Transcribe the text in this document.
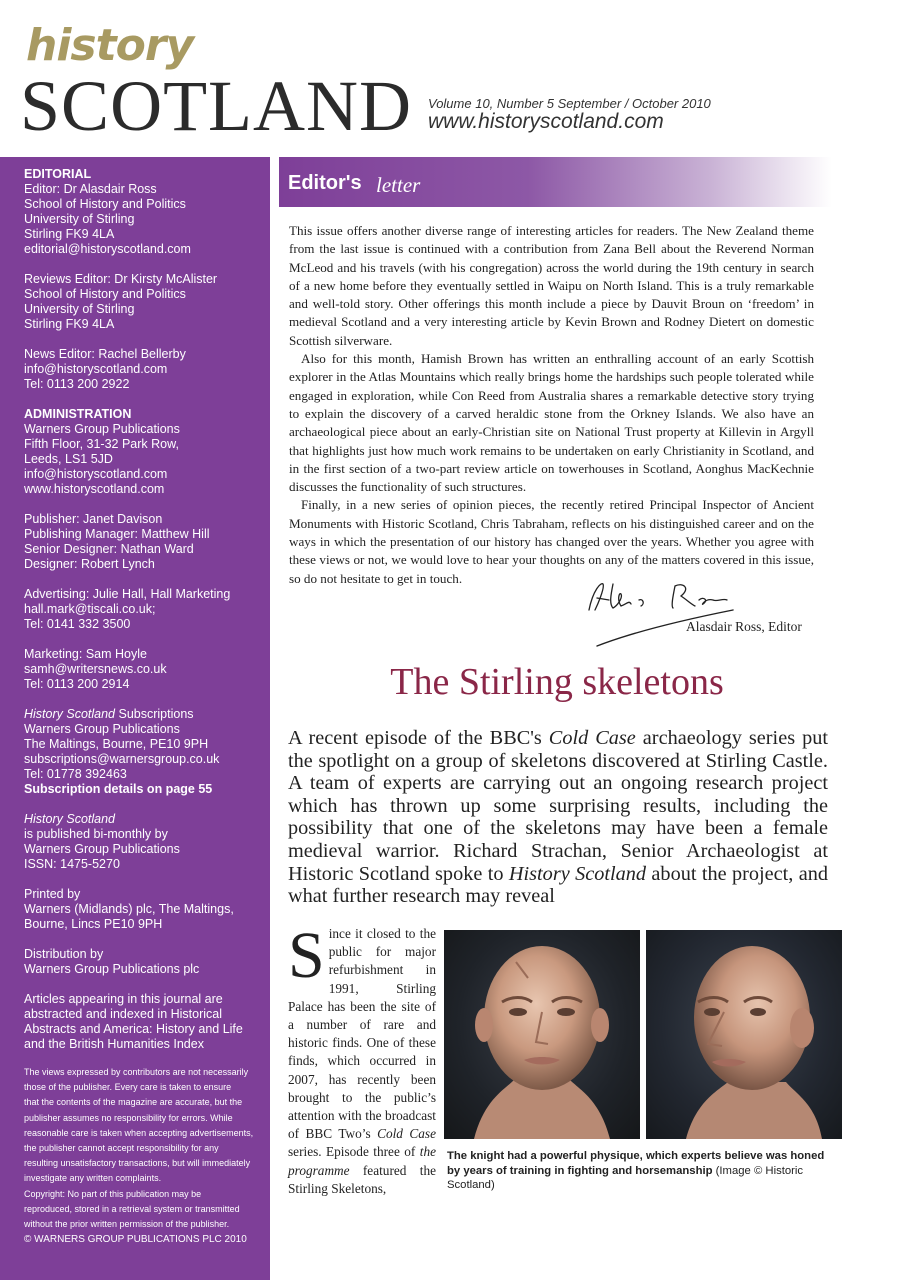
history
SCOTLAND Volume 10, Number 5 September / October 2010
www.historyscotland.com
EDITORIAL
Editor: Dr Alasdair Ross
School of History and Politics
University of Stirling
Stirling FK9 4LA
editorial@historyscotland.com
Reviews Editor: Dr Kirsty McAlister
School of History and Politics
University of Stirling
Stirling FK9 4LA
News Editor: Rachel Bellerby
info@historyscotland.com
Tel: 0113 200 2922
ADMINISTRATION
Warners Group Publications
Fifth Floor, 31-32 Park Row,
Leeds, LS1 5JD
info@historyscotland.com
www.historyscotland.com
Publisher: Janet Davison
Publishing Manager: Matthew Hill
Senior Designer: Nathan Ward
Designer: Robert Lynch
Advertising: Julie Hall, Hall Marketing
hall.mark@tiscali.co.uk;
Tel: 0141 332 3500
Marketing: Sam Hoyle
samh@writersnews.co.uk
Tel: 0113 200 2914
History Scotland Subscriptions
Warners Group Publications
The Maltings, Bourne, PE10 9PH
subscriptions@warnersgroup.co.uk
Tel: 01778 392463
Subscription details on page 55
History Scotland
is published bi-monthly by
Warners Group Publications
ISSN: 1475-5270
Printed by
Warners (Midlands) plc, The Maltings,
Bourne, Lincs PE10 9PH
Distribution by
Warners Group Publications plc
Articles appearing in this journal are
abstracted and indexed in Historical
Abstracts and America: History and Life
and the British Humanities Index
The views expressed by contributors are not necessarily
those of the publisher. Every care is taken to ensure
that the contents of the magazine are accurate, but the
publisher assumes no responsibility for errors. While
reasonable care is taken when accepting advertisements,
the publisher cannot accept responsibility for any
resulting unsatisfactory transactions, but will immediately
investigate any written complaints.
Copyright: No part of this publication may be
reproduced, stored in a retrieval system or transmitted
without the prior written permission of the publisher.
© WARNERS GROUP PUBLICATIONS PLC 2010
Editor's letter

This issue offers another diverse range of interesting articles for readers. The New Zealand theme from the last issue is continued with a contribution from Zana Bell about the Reverend Norman McLeod and his travels (with his congregation) across the world during the 19th century in search of a new home before they eventually settled in Waipu on North Island. This is a truly remarkable and well-told story. Other offerings this month include a piece by Dauvit Broun on ‘freedom’ in medieval Scotland and a very interesting article by Kevin Brown and Rodney Dietert on domestic Scottish silverware.

Also for this month, Hamish Brown has written an enthralling account of an early Scottish explorer in the Atlas Mountains which really brings home the hardships such people tolerated while engaged in exploration, while Con Reed from Australia shares a remarkable detective story trying to explain the discovery of a carved heraldic stone from the Orkney Islands. We also have an archaeological piece about an early-Christian site on National Trust property at Killevin in Argyll that highlights just how much work remains to be undertaken on early Christianity in Scotland, and in the first section of a two-part review article on towerhouses in Scotland, Aonghus MacKechnie discusses the functionality of such structures.

Finally, in a new series of opinion pieces, the recently retired Principal Inspector of Ancient Monuments with Historic Scotland, Chris Tabraham, reflects on his distinguished career and on the ways in which the presentation of our history has changed over the years. Whether you agree with these views or not, we would love to hear your thoughts on any of the matters covered in this issue, so do not hesitate to get in touch.

Alasdair Ross, Editor
The Stirling skeletons
A recent episode of the BBC's Cold Case archaeology series put the spotlight on a group of skeletons discovered at Stirling Castle. A team of experts are carrying out an ongoing research project which has thrown up some surprising results, including the possibility that one of the skeletons may have been a female medieval warrior. Richard Strachan, Senior Archaeologist at Historic Scotland spoke to History Scotland about the project, and what further research may reveal
Since it closed to the public for major refurbishment in 1991, Stirling Palace has been the site of a number of rare and historic finds. One of these finds, which occurred in 2007, has recently been brought to the public’s attention with the broadcast of BBC Two’s Cold Case series. Episode three of the programme featured the Stirling Skeletons,
The knight had a powerful physique, which experts believe was honed by years of training in fighting and horsemanship (Image © Historic Scotland)
